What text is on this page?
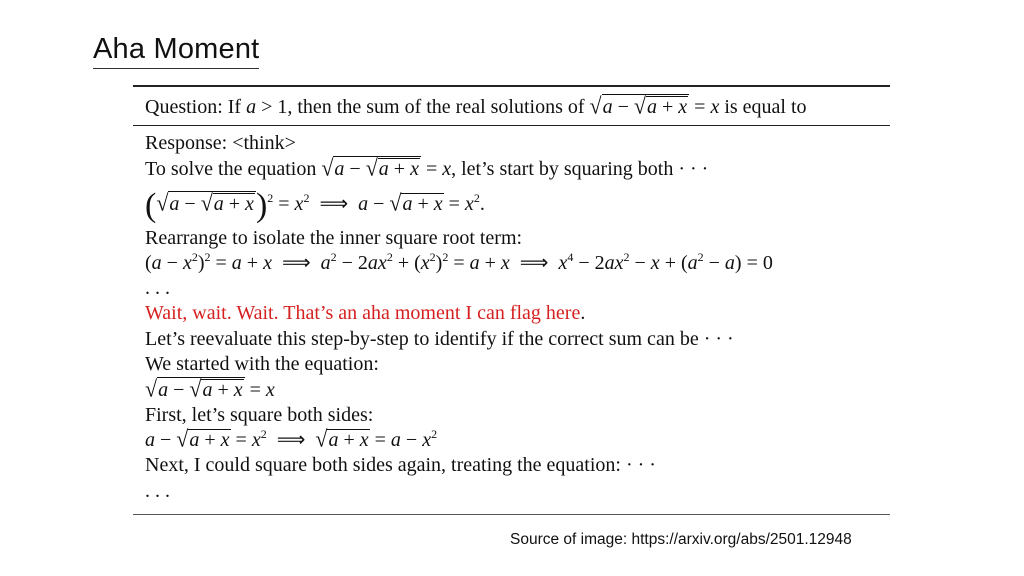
Aha Moment
Question: If a > 1, then the sum of the real solutions of √a − √a + x = x is equal to
Response: <think>
To solve the equation √a − √a + x = x, let’s start by squaring both · · ·
$(√a - √a + x)^2 = x^2$ ⟹ $a - √a + x = x^2$.
Rearrange to isolate the inner square root term:
$(a - x^2)^2 = a + x$  ⟹  $a^2 - 2ax^2 + (x^2)^2 = a + x$  ⟹  $x^4 - 2ax^2 - x + (a^2 - a) = 0$
. . .
Wait, wait. Wait. That’s an aha moment I can flag here.
Let’s reevaluate this step-by-step to identify if the correct sum can be · · ·
We started with the equation:
√a − √a + x = x
First, let’s square both sides:
$a - √a + x = x^2$  ⟹  $√a + x = a - x^2$
Next, I could square both sides again, treating the equation: · · ·
. . .
Source of image: https://arxiv.org/abs/2501.12948
